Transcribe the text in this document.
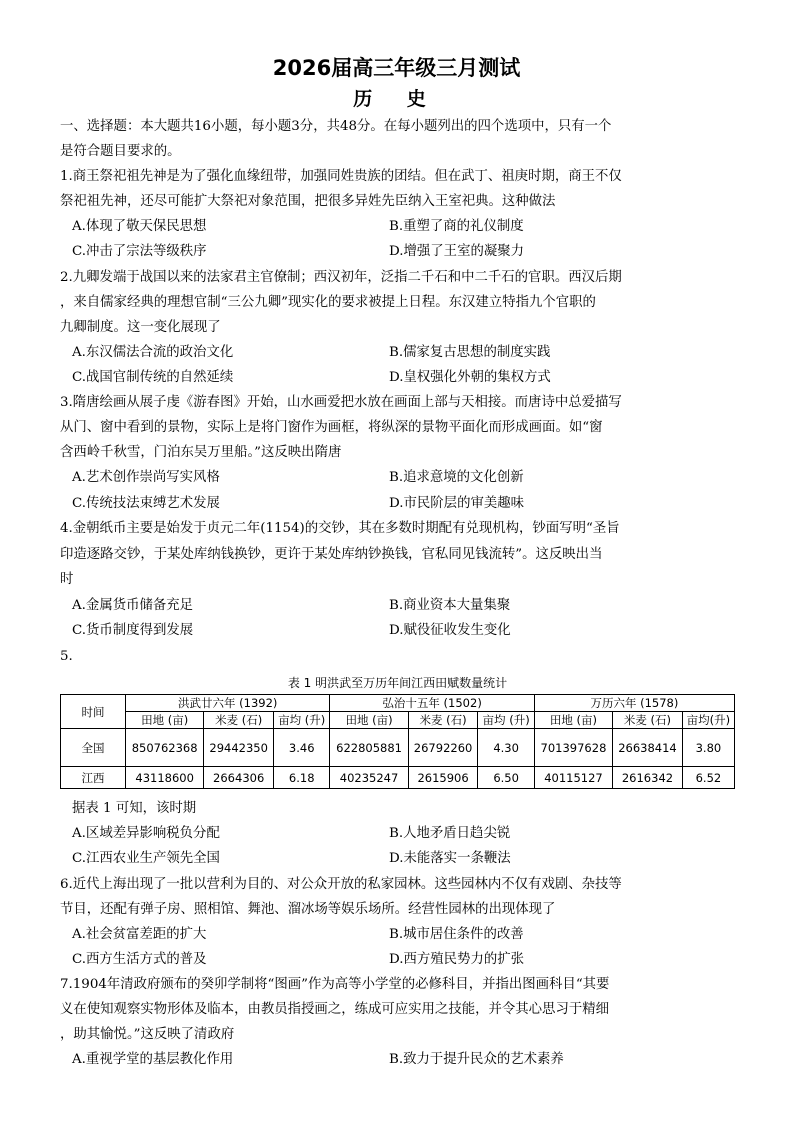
2026届高三年级三月测试
历 史
一、选择题：本大题共16小题，每小题3分，共48分。在每小题列出的四个选项中，只有一个
是符合题目要求的。
1.商王祭祀祖先神是为了强化血缘纽带，加强同姓贵族的团结。但在武丁、祖庚时期，商王不仅
祭祀祖先神，还尽可能扩大祭祀对象范围，把很多异姓先臣纳入王室祀典。这种做法
A.体现了敬天保民思想	B.重塑了商的礼仪制度
C.冲击了宗法等级秩序	D.增强了王室的凝聚力
2.九卿发端于战国以来的法家君主官僚制；西汉初年，泛指二千石和中二千石的官职。西汉后期
，来自儒家经典的理想官制“三公九卿”现实化的要求被提上日程。东汉建立特指九个官职的
九卿制度。这一变化展现了
A.东汉儒法合流的政治文化	B.儒家复古思想的制度实践
C.战国官制传统的自然延续	D.皇权强化外朝的集权方式
3.隋唐绘画从展子虔《游春图》开始，山水画爱把水放在画面上部与天相接。而唐诗中总爱描写
从门、窗中看到的景物，实际上是将门窗作为画框，将纵深的景物平面化而形成画面。如“窗
含西岭千秋雪，门泊东吴万里船。”这反映出隋唐
A.艺术创作崇尚写实风格	B.追求意境的文化创新
C.传统技法束缚艺术发展	D.市民阶层的审美趣味
4.金朝纸币主要是始发于贞元二年(1154)的交钞，其在多数时期配有兑现机构，钞面写明“圣旨
印造逐路交钞，于某处库纳钱换钞，更许于某处库纳钞换钱，官私同见钱流转”。这反映出当
时
A.金属货币储备充足	B.商业资本大量集聚
C.货币制度得到发展	D.赋役征收发生变化
5.
表 1 明洪武至万历年间江西田赋数量统计
时间	洪武廿六年 (1392)			弘治十五年 (1502)			万历六年 (1578)		
	田地 (亩)	米麦 (石)	亩均 (升)	田地 (亩)	米麦 (石)	亩均 (升)	田地 (亩)	米麦 (石)	亩均(升)
全国	850762368	29442350	3.46	622805881	26792260	4.30	701397628	26638414	3.80
江西	43118600	2664306	6.18	40235247	2615906	6.50	40115127	2616342	6.52
据表 1 可知，该时期
A.区域差异影响税负分配	B.人地矛盾日趋尖锐
C.江西农业生产领先全国	D.未能落实一条鞭法
6.近代上海出现了一批以营利为目的、对公众开放的私家园林。这些园林内不仅有戏剧、杂技等
节目，还配有弹子房、照相馆、舞池、溜冰场等娱乐场所。经营性园林的出现体现了
A.社会贫富差距的扩大	B.城市居住条件的改善
C.西方生活方式的普及	D.西方殖民势力的扩张
7.1904年清政府颁布的癸卯学制将“图画”作为高等小学堂的必修科目，并指出图画科目“其要
义在使知观察实物形体及临本，由教员指授画之，练成可应实用之技能，并令其心思习于精细
，助其愉悦。”这反映了清政府
A.重视学堂的基层教化作用	B.致力于提升民众的艺术素养
